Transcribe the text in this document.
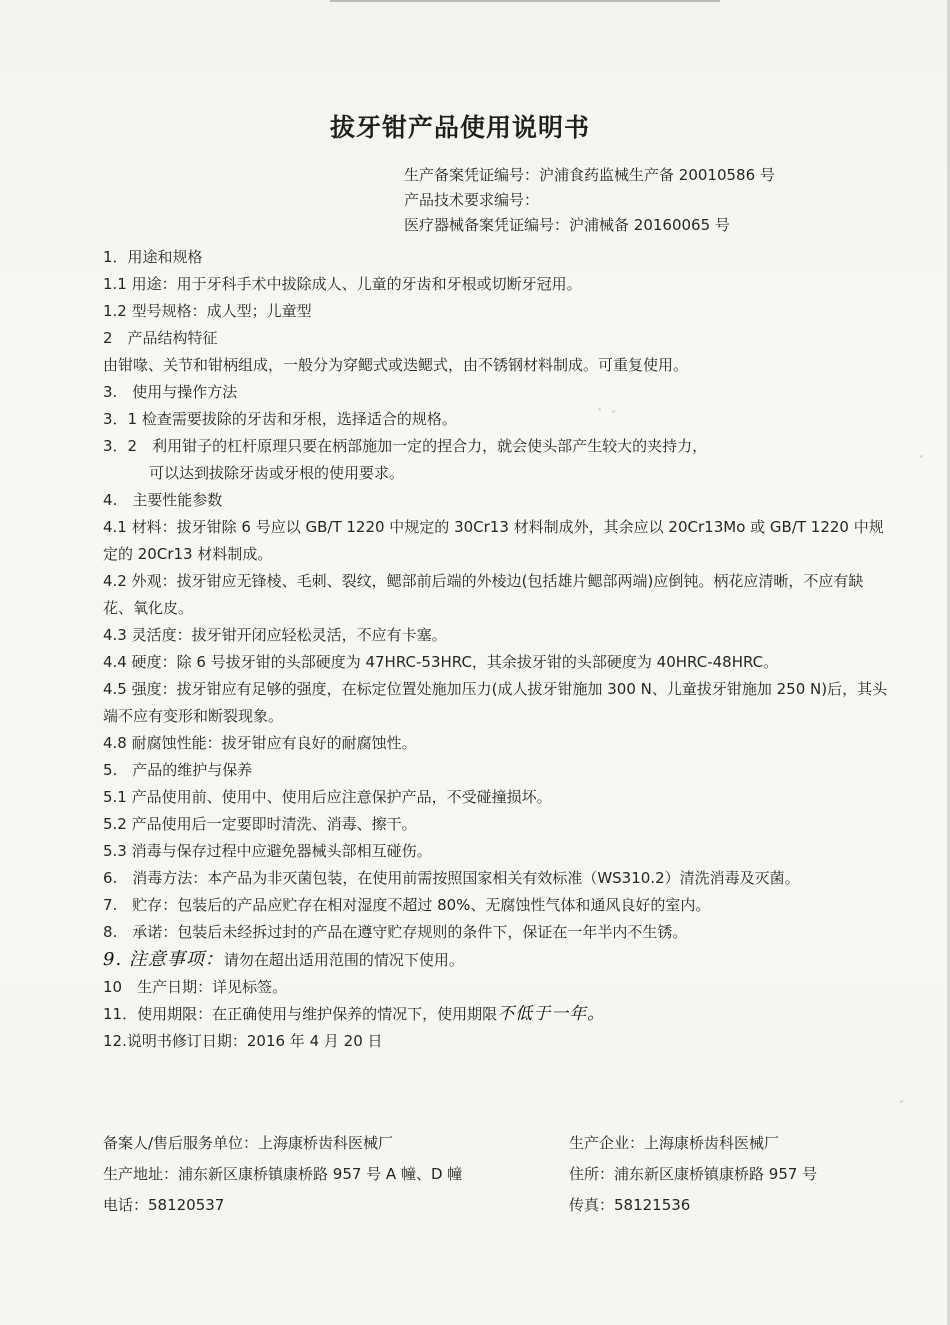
拔牙钳产品使用说明书
生产备案凭证编号：沪浦食药监械生产备 20010586 号
产品技术要求编号：
医疗器械备案凭证编号：沪浦械备 20160065 号
1．用途和规格
1.1 用途：用于牙科手术中拔除成人、儿童的牙齿和牙根或切断牙冠用。
1.2 型号规格：成人型；儿童型
2　产品结构特征
由钳喙、关节和钳柄组成，一般分为穿鳃式或迭鳃式，由不锈钢材料制成。可重复使用。
3.　使用与操作方法
3．1 检查需要拔除的牙齿和牙根，选择适合的规格。
3．2　利用钳子的杠杆原理只要在柄部施加一定的捏合力，就会使头部产生较大的夹持力，
可以达到拔除牙齿或牙根的使用要求。
4.　主要性能参数
4.1 材料：拔牙钳除 6 号应以 GB/T 1220 中规定的 30Cr13 材料制成外，其余应以 20Cr13Mo 或 GB/T 1220 中规定的 20Cr13 材料制成。
4.2 外观：拔牙钳应无锋棱、毛刺、裂纹，鳃部前后端的外棱边(包括雄片鳃部两端)应倒钝。柄花应清晰，不应有缺花、氧化皮。
4.3 灵活度：拔牙钳开闭应轻松灵活，不应有卡塞。
4.4 硬度：除 6 号拔牙钳的头部硬度为 47HRC-53HRC，其余拔牙钳的头部硬度为 40HRC-48HRC。
4.5 强度：拔牙钳应有足够的强度，在标定位置处施加压力(成人拔牙钳施加 300 N、儿童拔牙钳施加 250 N)后，其头端不应有变形和断裂现象。
4.8 耐腐蚀性能：拔牙钳应有良好的耐腐蚀性。
5.　产品的维护与保养
5.1 产品使用前、使用中、使用后应注意保护产品，不受碰撞损坏。
5.2 产品使用后一定要即时清洗、消毒、擦干。
5.3 消毒与保存过程中应避免器械头部相互碰伤。
6.　消毒方法：本产品为非灭菌包装，在使用前需按照国家相关有效标准（WS310.2）清洗消毒及灭菌。
7.　贮存：包装后的产品应贮存在相对湿度不超过 80%、无腐蚀性气体和通风良好的室内。
8.　承诺：包装后未经拆过封的产品在遵守贮存规则的条件下，保证在一年半内不生锈。
9. 注意事项：请勿在超出适用范围的情况下使用。
10　生产日期：详见标签。
11．使用期限：在正确使用与维护保养的情况下，使用期限不低于一年。
12.说明书修订日期：2016 年 4 月 20 日
备案人/售后服务单位：上海康桥齿科医械厂
生产地址：浦东新区康桥镇康桥路 957 号 A 幢、D 幢
电话：58120537
生产企业：上海康桥齿科医械厂
住所：浦东新区康桥镇康桥路 957 号
传真：58121536
